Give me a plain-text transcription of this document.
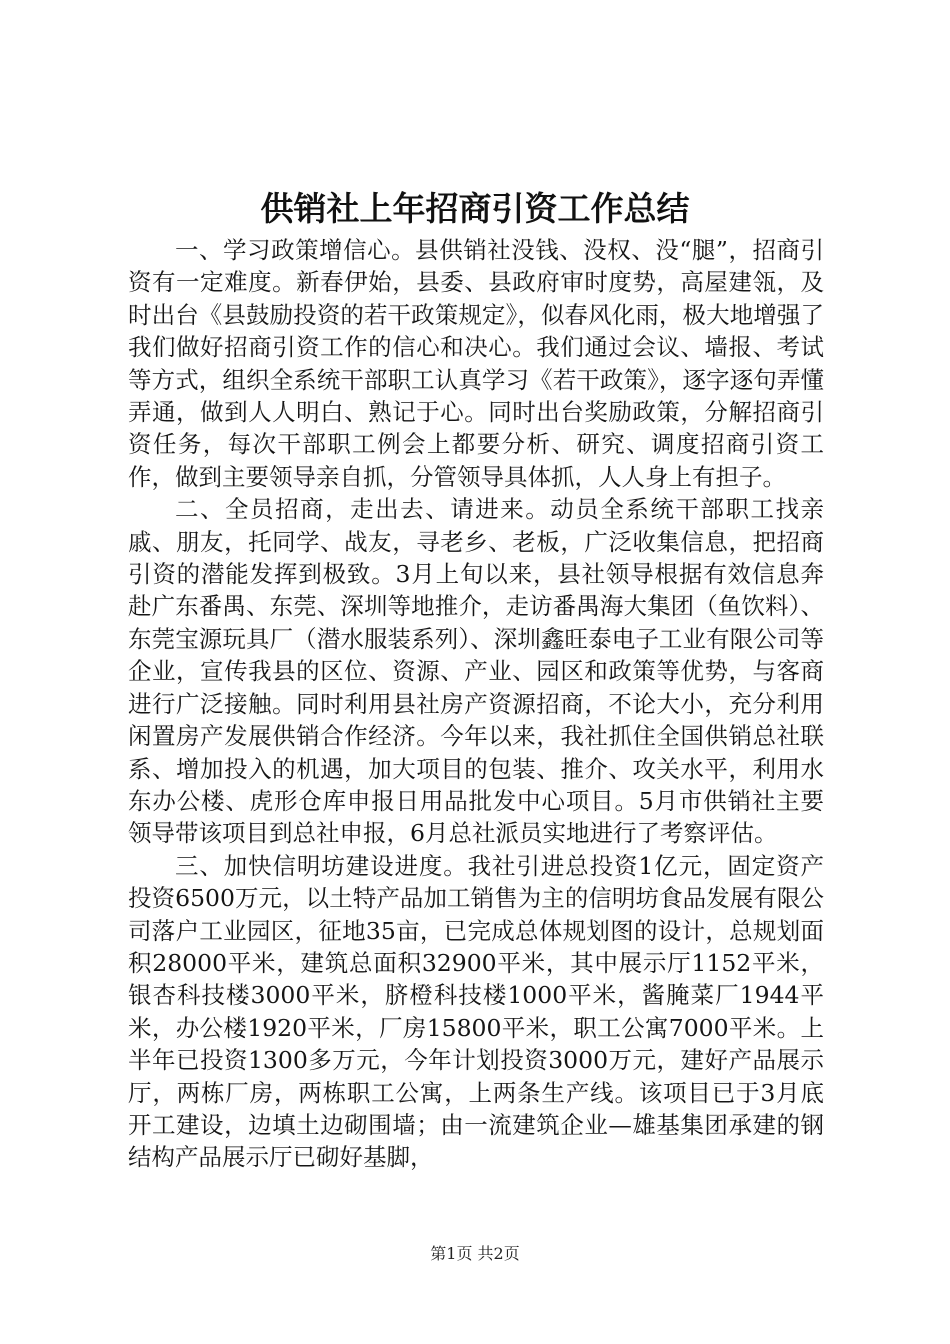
供销社上年招商引资工作总结

一、学习政策增信心。县供销社没钱、没权、没“腿”，招商引资有一定难度。新春伊始，县委、县政府审时度势，高屋建瓴，及时出台《县鼓励投资的若干政策规定》，似春风化雨，极大地增强了我们做好招商引资工作的信心和决心。我们通过会议、墙报、考试等方式，组织全系统干部职工认真学习《若干政策》，逐字逐句弄懂弄通，做到人人明白、熟记于心。同时出台奖励政策，分解招商引资任务，每次干部职工例会上都要分析、研究、调度招商引资工作，做到主要领导亲自抓，分管领导具体抓，人人身上有担子。

二、全员招商，走出去、请进来。动员全系统干部职工找亲戚、朋友，托同学、战友，寻老乡、老板，广泛收集信息，把招商引资的潜能发挥到极致。3月上旬以来，县社领导根据有效信息奔赴广东番禺、东莞、深圳等地推介，走访番禺海大集团（鱼饮料）、东莞宝源玩具厂（潜水服装系列）、深圳鑫旺泰电子工业有限公司等企业，宣传我县的区位、资源、产业、园区和政策等优势，与客商进行广泛接触。同时利用县社房产资源招商，不论大小，充分利用闲置房产发展供销合作经济。今年以来，我社抓住全国供销总社联系、增加投入的机遇，加大项目的包装、推介、攻关水平，利用水东办公楼、虎形仓库申报日用品批发中心项目。5月市供销社主要领导带该项目到总社申报，6月总社派员实地进行了考察评估。

三、加快信明坊建设进度。我社引进总投资1亿元，固定资产投资6500万元，以土特产品加工销售为主的信明坊食品发展有限公司落户工业园区，征地35亩，已完成总体规划图的设计，总规划面积28000平米，建筑总面积32900平米，其中展示厅1152平米，银杏科技楼3000平米，脐橙科技楼1000平米，酱腌菜厂1944平米，办公楼1920平米，厂房15800平米，职工公寓7000平米。上半年已投资1300多万元，今年计划投资3000万元，建好产品展示厅，两栋厂房，两栋职工公寓，上两条生产线。该项目已于3月底开工建设，边填土边砌围墙；由一流建筑企业—雄基集团承建的钢结构产品展示厅已砌好基脚，

第1页 共2页
